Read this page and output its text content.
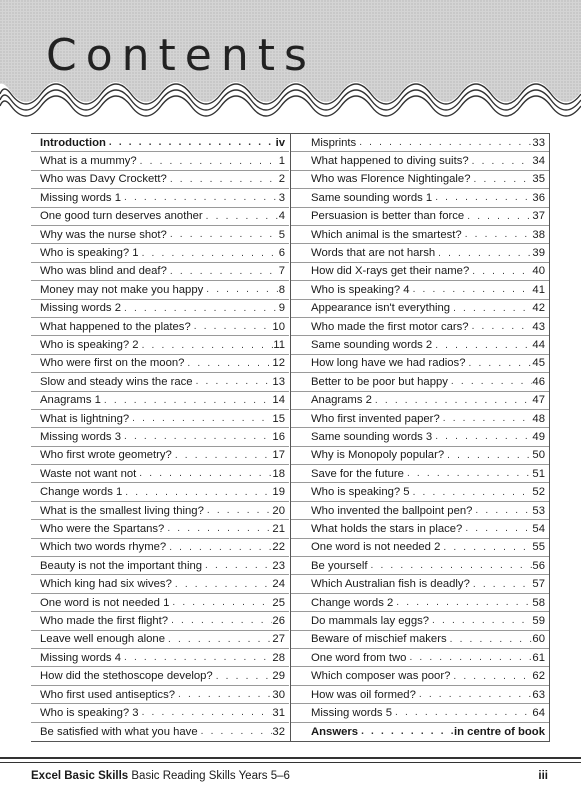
Contents
Introduction . . .	iv
What is a mummy? . . .	1
Who was Davy Crockett? . . .	2
Missing words 1 . . .	3
One good turn deserves another . . .	4
Why was the nurse shot? . . .	5
Who is speaking? 1 . . .	6
Who was blind and deaf? . . .	7
Money may not make you happy . . .	8
Missing words 2 . . .	9
What happened to the plates? . . .	10
Who is speaking? 2 . . .	11
Who were first on the moon? . . .	12
Slow and steady wins the race . . .	13
Anagrams 1 . . .	14
What is lightning? . . .	15
Missing words 3 . . .	16
Who first wrote geometry? . . .	17
Waste not want not . . .	18
Change words 1 . . .	19
What is the smallest living thing? . . .	20
Who were the Spartans? . . .	21
Which two words rhyme? . . .	22
Beauty is not the important thing . . .	23
Which king had six wives? . . .	24
One word is not needed 1 . . .	25
Who made the first flight? . . .	26
Leave well enough alone . . .	27
Missing words 4 . . .	28
How did the stethoscope develop? . . .	29
Who first used antiseptics? . . .	30
Who is speaking? 3 . . .	31
Be satisfied with what you have . . .	32
Misprints . . .	33
What happened to diving suits? . . .	34
Who was Florence Nightingale? . . .	35
Same sounding words 1 . . .	36
Persuasion is better than force . . .	37
Which animal is the smartest? . . .	38
Words that are not harsh . . .	39
How did X-rays get their name? . . .	40
Who is speaking? 4 . . .	41
Appearance isn't everything . . .	42
Who made the first motor cars? . . .	43
Same sounding words 2 . . .	44
How long have we had radios? . . .	45
Better to be poor but happy . . .	46
Anagrams 2 . . .	47
Who first invented paper? . . .	48
Same sounding words 3 . . .	49
Why is Monopoly popular? . . .	50
Save for the future . . .	51
Who is speaking? 5 . . .	52
Who invented the ballpoint pen? . . .	53
What holds the stars in place? . . .	54
One word is not needed 2 . . .	55
Be yourself . . .	56
Which Australian fish is deadly? . . .	57
Change words 2 . . .	58
Do mammals lay eggs? . . .	59
Beware of mischief makers . . .	60
One word from two . . .	61
Which composer was poor? . . .	62
How was oil formed? . . .	63
Missing words 5 . . .	64
Answers . . .	in centre of book
Excel Basic Skills Basic Reading Skills Years 5–6	iii
